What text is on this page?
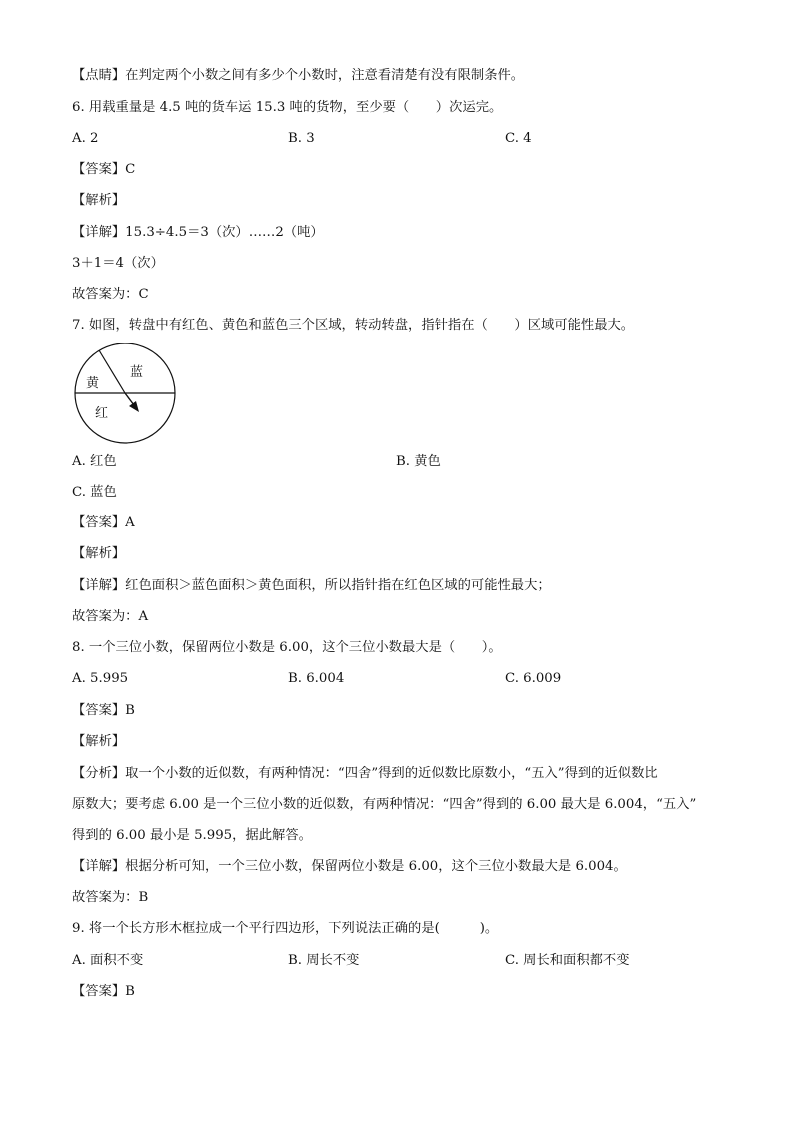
【点睛】在判定两个小数之间有多少个小数时，注意看清楚有没有限制条件。
6. 用载重量是 4.5 吨的货车运 15.3 吨的货物，至少要（　　）次运完。
A. 2	B. 3	C. 4
【答案】C
【解析】
【详解】15.3÷4.5＝3（次）……2（吨）
3＋1＝4（次）
故答案为：C
7. 如图，转盘中有红色、黄色和蓝色三个区域，转动转盘，指针指在（　　）区域可能性最大。
黄
蓝
红
A. 红色	B. 黄色
C. 蓝色
【答案】A
【解析】
【详解】红色面积＞蓝色面积＞黄色面积，所以指针指在红色区域的可能性最大；
故答案为：A
8. 一个三位小数，保留两位小数是 6.00，这个三位小数最大是（　　）。
A. 5.995	B. 6.004	C. 6.009
【答案】B
【解析】
【分析】取一个小数的近似数，有两种情况：“四舍”得到的近似数比原数小，“五入”得到的近似数比
原数大；要考虑 6.00 是一个三位小数的近似数，有两种情况：“四舍”得到的 6.00 最大是 6.004，“五入”
得到的 6.00 最小是 5.995，据此解答。
【详解】根据分析可知，一个三位小数，保留两位小数是 6.00，这个三位小数最大是 6.004。
故答案为：B
9. 将一个长方形木框拉成一个平行四边形，下列说法正确的是(　　　)。
A. 面积不变	B. 周长不变	C. 周长和面积都不变
【答案】B
